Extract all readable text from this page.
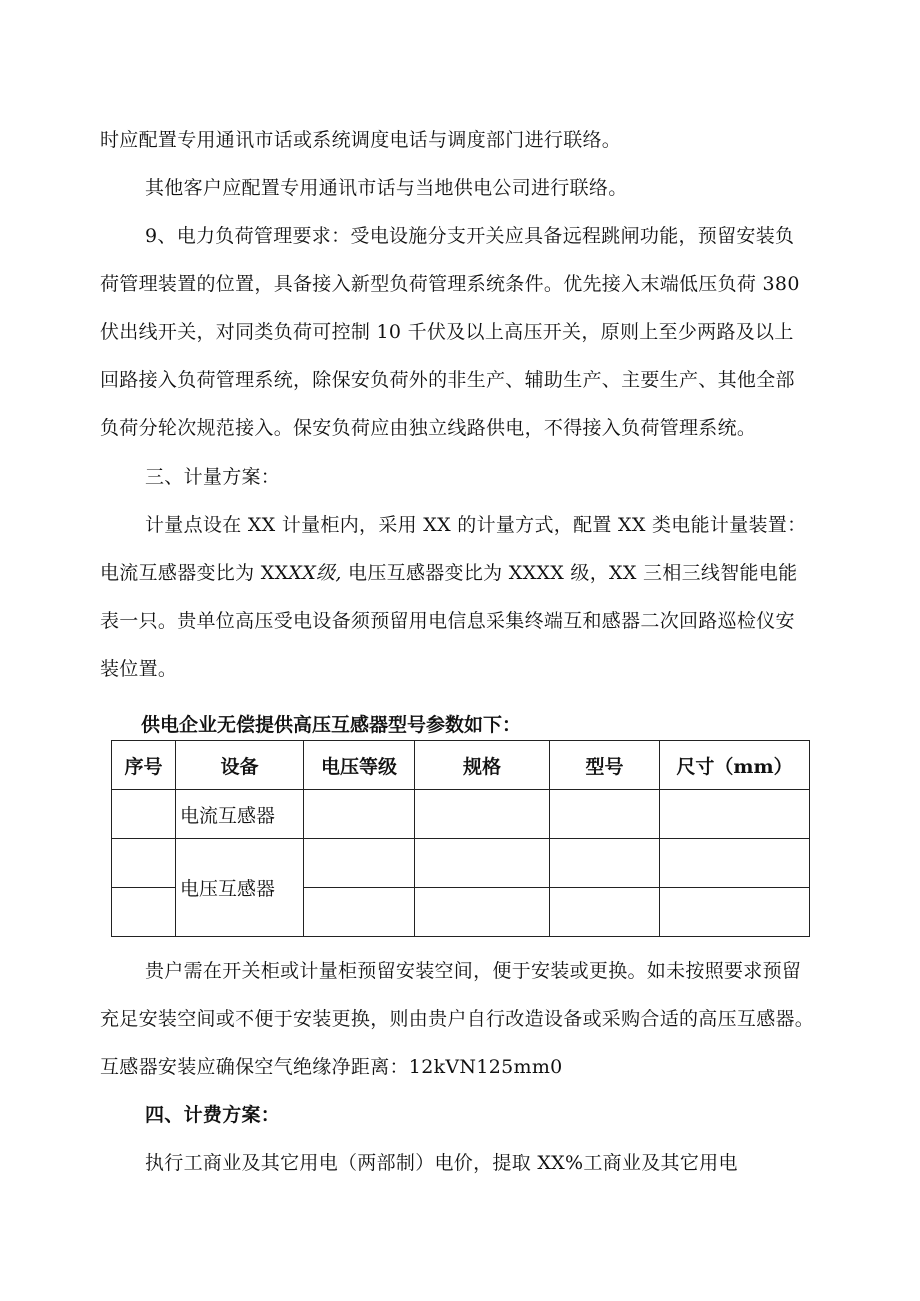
时应配置专用通讯市话或系统调度电话与调度部门进行联络。
其他客户应配置专用通讯市话与当地供电公司进行联络。
9、电力负荷管理要求：受电设施分支开关应具备远程跳闸功能，预留安装负
荷管理装置的位置，具备接入新型负荷管理系统条件。优先接入末端低压负荷 380
伏出线开关，对同类负荷可控制 10 千伏及以上高压开关，原则上至少两路及以上
回路接入负荷管理系统，除保安负荷外的非生产、辅助生产、主要生产、其他全部
负荷分轮次规范接入。保安负荷应由独立线路供电，不得接入负荷管理系统。
三、计量方案：
计量点设在 XX 计量柜内，采用 XX 的计量方式，配置 XX 类电能计量装置：
电流互感器变比为 XXXX级, 电压互感器变比为 XXXX 级，XX 三相三线智能电能
表一只。贵单位高压受电设备须预留用电信息采集终端互和感器二次回路巡检仪安
装位置。
供电企业无偿提供高压互感器型号参数如下：
序号	设备	电压等级	规格	型号	尺寸（mm）
	电流互感器				
	电压互感器				

贵户需在开关柜或计量柜预留安装空间，便于安装或更换。如未按照要求预留
充足安装空间或不便于安装更换，则由贵户自行改造设备或采购合适的高压互感器。
互感器安装应确保空气绝缘净距离：12kVN125mm0
四、计费方案：
执行工商业及其它用电（两部制）电价，提取 XX%工商业及其它用电
